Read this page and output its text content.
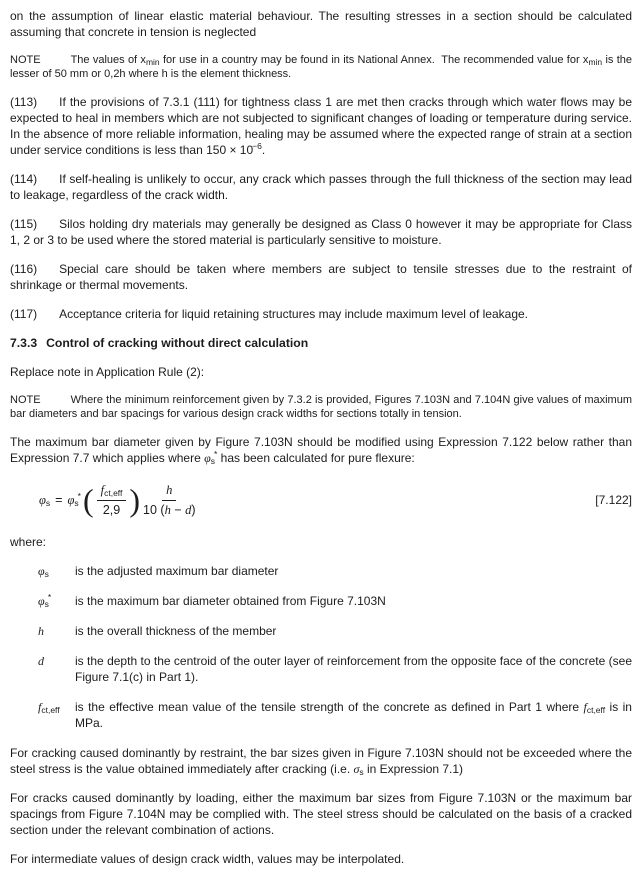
on the assumption of linear elastic material behaviour. The resulting stresses in a section should be calculated assuming that concrete in tension is neglected

NOTE	The values of $x_{min}$ for use in a country may be found in its National Annex.  The recommended value for $x_{min}$ is the lesser of 50 mm or 0,2h where h is the element thickness.

(113) If the provisions of 7.3.1 (111) for tightness class 1 are met then cracks through which water flows may be expected to heal in members which are not subjected to significant changes of loading or temperature during service. In the absence of more reliable information, healing may be assumed where the expected range of strain at a section under service conditions is less than $150 \times 10^{-6}$.

(114) If self-healing is unlikely to occur, any crack which passes through the full thickness of the section may lead to leakage, regardless of the crack width.

(115) Silos holding dry materials may generally be designed as Class 0 however it may be appropriate for Class 1, 2 or 3 to be used where the stored material is particularly sensitive to moisture.

(116) Special care should be taken where members are subject to tensile stresses due to the restraint of shrinkage or thermal movements.

(117) Acceptance criteria for liquid retaining structures may include maximum level of leakage.

7.3.3 Control of cracking without direct calculation

Replace note in Application Rule (2):

NOTE	Where the minimum reinforcement given by 7.3.2 is provided, Figures 7.103N and 7.104N give values of maximum bar diameters and bar spacings for various design crack widths for sections totally in tension.

The maximum bar diameter given by Figure 7.103N should be modified using Expression 7.122 below rather than Expression 7.7 which applies where $\varphi_s^*$ has been calculated for pure flexure:

$\varphi_s = \varphi_s^*$ ( $\frac{f_{ct,eff}}{2,9}$ ) $\frac{h}{10 (h - d)}$	[7.122]

where:

$\varphi_s$	is the adjusted maximum bar diameter
$\varphi_s^*$	is the maximum bar diameter obtained from Figure 7.103N
h	is the overall thickness of the member
d	is the depth to the centroid of the outer layer of reinforcement from the opposite face of the concrete (see Figure 7.1(c) in Part 1).
$f_{ct,eff}$	is the effective mean value of the tensile strength of the concrete as defined in Part 1 where $f_{ct,eff}$ is in MPa.

For cracking caused dominantly by restraint, the bar sizes given in Figure 7.103N should not be exceeded where the steel stress is the value obtained immediately after cracking (i.e. $\sigma_s$ in Expression 7.1)

For cracks caused dominantly by loading, either the maximum bar sizes from Figure 7.103N or the maximum bar spacings from Figure 7.104N may be complied with. The steel stress should be calculated on the basis of a cracked section under the relevant combination of actions.

For intermediate values of design crack width, values may be interpolated.
